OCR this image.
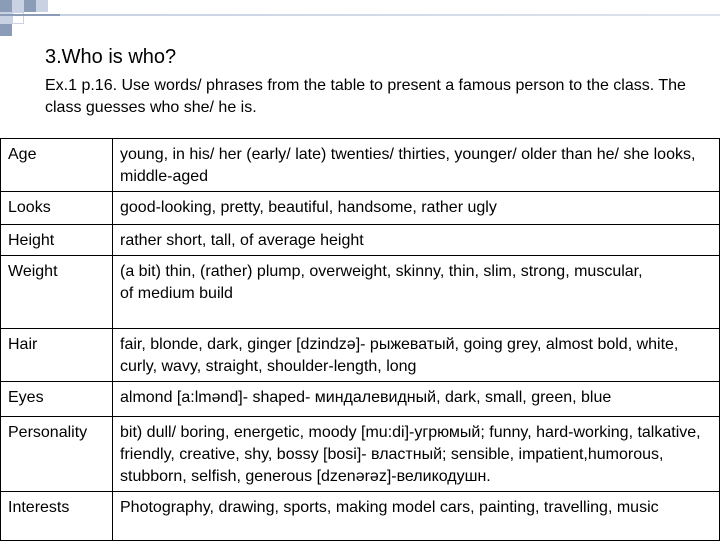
3.Who is who?
Ex.1 p.16. Use words/ phrases from the table to present a famous person to the class. The class guesses who she/ he is.
Age	young, in his/ her (early/ late) twenties/ thirties, younger/ older than he/ she looks, middle-aged
Looks	good-looking, pretty, beautiful, handsome, rather ugly
Height	rather short, tall, of average height
Weight	(a bit) thin, (rather) plump, overweight, skinny, thin, slim, strong, muscular,
of medium build

Hair	fair, blonde, dark, ginger [dzindzə]- рыжеватый, going grey, almost bold, white, curly, wavy, straight, shoulder-length, long
Eyes	almond [a:lmənd]- shaped- миндалевидный, dark, small, green, blue
Personality	bit) dull/ boring, energetic, moody [mu:di]-угрюмый; funny, hard-working, talkative, friendly, creative, shy, bossy [bosi]- властный; sensible, impatient,humorous, stubborn, selfish, generous [dzenərəz]-великодушн.
Interests	Photography, drawing, sports, making model cars, painting, travelling, music
